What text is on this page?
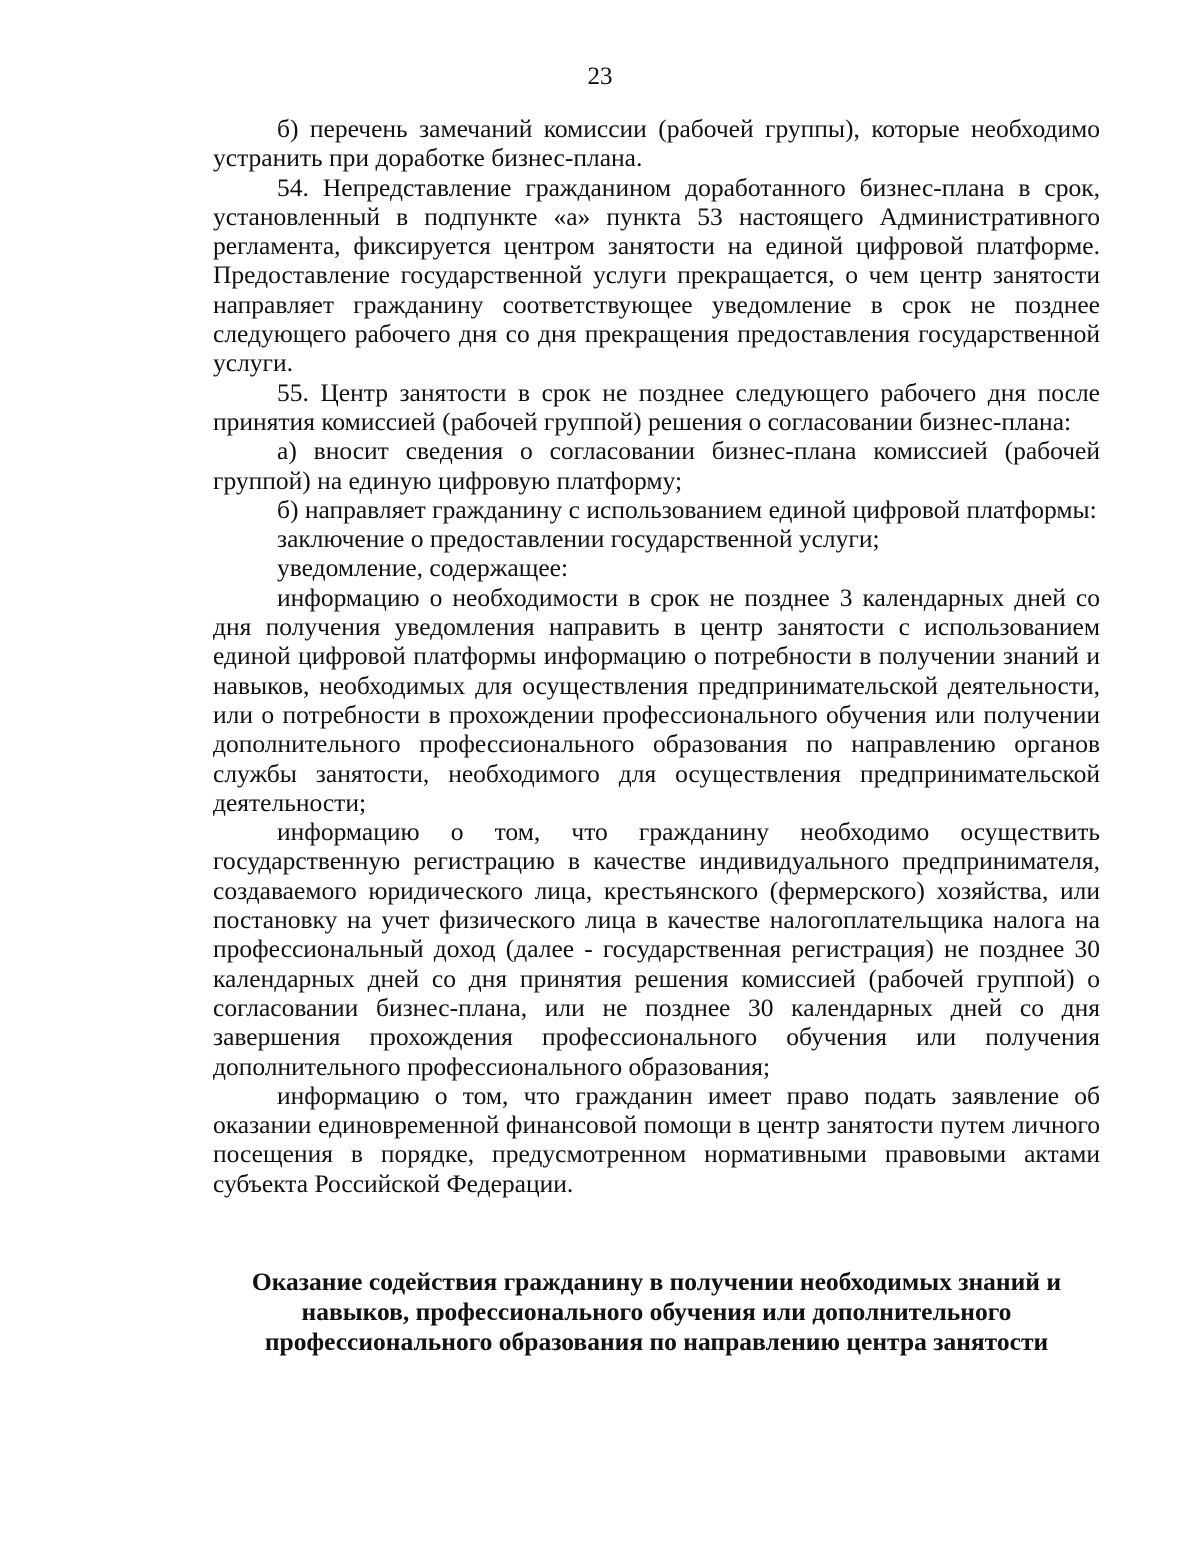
23

б) перечень замечаний комиссии (рабочей группы), которые необходимо устранить при доработке бизнес-плана.

54. Непредставление гражданином доработанного бизнес-плана в срок, установленный в подпункте «а» пункта 53 настоящего Административного регламента, фиксируется центром занятости на единой цифровой платформе. Предоставление государственной услуги прекращается, о чем центр занятости направляет гражданину соответствующее уведомление в срок не позднее следующего рабочего дня со дня прекращения предоставления государственной услуги.

55. Центр занятости в срок не позднее следующего рабочего дня после принятия комиссией (рабочей группой) решения о согласовании бизнес-плана:

а) вносит сведения о согласовании бизнес-плана комиссией (рабочей группой) на единую цифровую платформу;

б) направляет гражданину с использованием единой цифровой платформы:

заключение о предоставлении государственной услуги;

уведомление, содержащее:

информацию о необходимости в срок не позднее 3 календарных дней со дня получения уведомления направить в центр занятости с использованием единой цифровой платформы информацию о потребности в получении знаний и навыков, необходимых для осуществления предпринимательской деятельности, или о потребности в прохождении профессионального обучения или получении дополнительного профессионального образования по направлению органов службы занятости, необходимого для осуществления предпринимательской деятельности;

информацию о том, что гражданину необходимо осуществить государственную регистрацию в качестве индивидуального предпринимателя, создаваемого юридического лица, крестьянского (фермерского) хозяйства, или постановку на учет физического лица в качестве налогоплательщика налога на профессиональный доход (далее - государственная регистрация) не позднее 30 календарных дней со дня принятия решения комиссией (рабочей группой) о согласовании бизнес-плана, или не позднее 30 календарных дней со дня завершения прохождения профессионального обучения или получения дополнительного профессионального образования;

информацию о том, что гражданин имеет право подать заявление об оказании единовременной финансовой помощи в центр занятости путем личного посещения в порядке, предусмотренном нормативными правовыми актами субъекта Российской Федерации.

Оказание содействия гражданину в получении необходимых знаний и
навыков, профессионального обучения или дополнительного
профессионального образования по направлению центра занятости
